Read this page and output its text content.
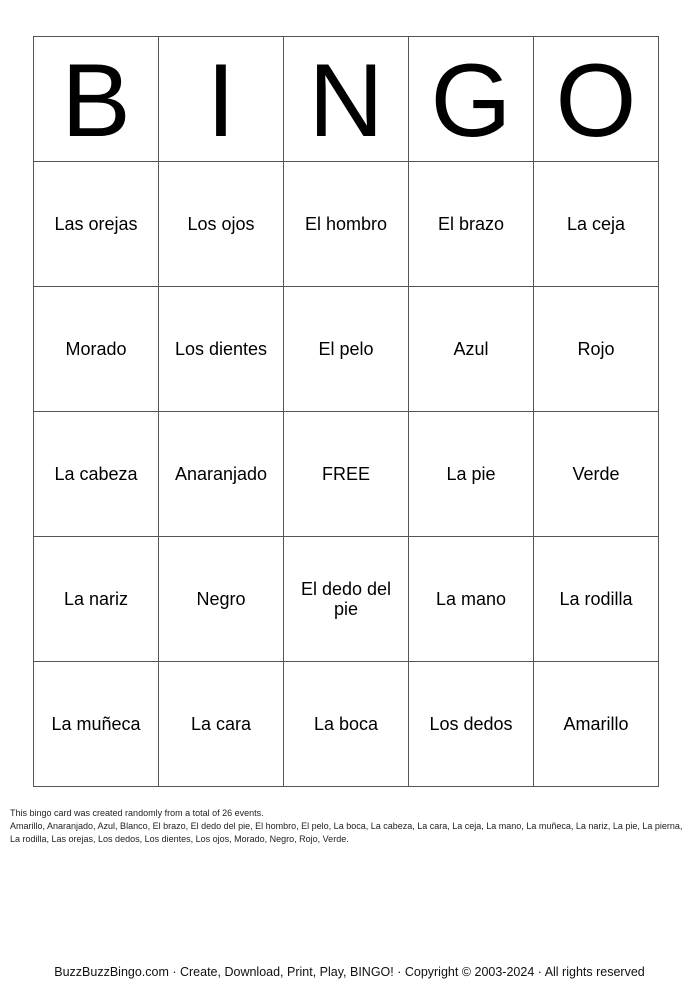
B	I	N	G	O
Las orejas	Los ojos	El hombro	El brazo	La ceja
Morado	Los dientes	El pelo	Azul	Rojo
La cabeza	Anaranjado	FREE	La pie	Verde
La nariz	Negro	El dedo del pie	La mano	La rodilla
La muñeca	La cara	La boca	Los dedos	Amarillo

This bingo card was created randomly from a total of 26 events.

Amarillo, Anaranjado, Azul, Blanco, El brazo, El dedo del pie, El hombro, El pelo, La boca, La cabeza, La cara, La ceja, La mano, La muñeca, La nariz, La pie, La pierna, La rodilla, Las orejas, Los dedos, Los dientes, Los ojos, Morado, Negro, Rojo, Verde.

BuzzBuzzBingo.com · Create, Download, Print, Play, BINGO! · Copyright © 2003-2024 · All rights reserved
